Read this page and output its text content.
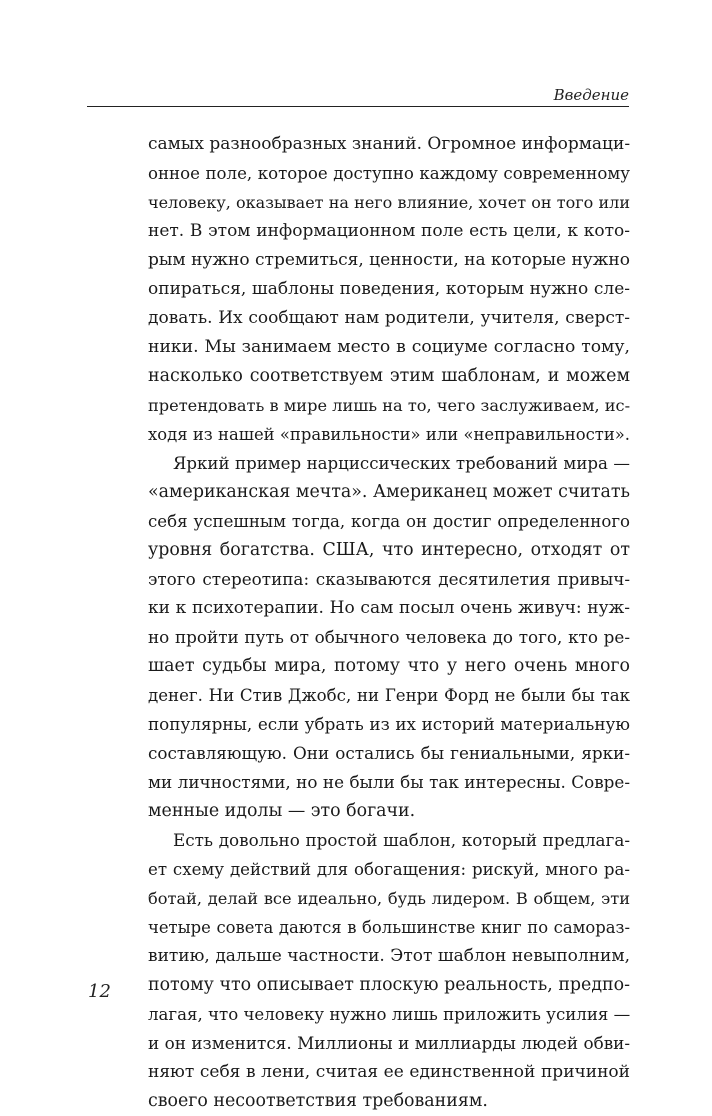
Введение

самых разнообразных знаний. Огромное информаци-
онное поле, которое доступно каждому современному
человеку, оказывает на него влияние, хочет он того или
нет. В этом информационном поле есть цели, к кото-
рым нужно стремиться, ценности, на которые нужно
опираться, шаблоны поведения, которым нужно сле-
довать. Их сообщают нам родители, учителя, сверст-
ники. Мы занимаем место в социуме согласно тому,
насколько соответствуем этим шаблонам, и можем
претендовать в мире лишь на то, чего заслуживаем, ис-
ходя из нашей «правильности» или «неправильности».

Яркий пример нарциссических требований мира —
«американская мечта». Американец может считать
себя успешным тогда, когда он достиг определенного
уровня богатства. США, что интересно, отходят от
этого стереотипа: сказываются десятилетия привыч-
ки к психотерапии. Но сам посыл очень живуч: нуж-
но пройти путь от обычного человека до того, кто ре-
шает судьбы мира, потому что у него очень много
денег. Ни Стив Джобс, ни Генри Форд не были бы так
популярны, если убрать из их историй материальную
составляющую. Они остались бы гениальными, ярки-
ми личностями, но не были бы так интересны. Совре-
менные идолы — это богачи.

Есть довольно простой шаблон, который предлага-
ет схему действий для обогащения: рискуй, много ра-
ботай, делай все идеально, будь лидером. В общем, эти
четыре совета даются в большинстве книг по самораз-
витию, дальше частности. Этот шаблон невыполним,
потому что описывает плоскую реальность, предпо-
лагая, что человеку нужно лишь приложить усилия —
и он изменится. Миллионы и миллиарды людей обви-
няют себя в лени, считая ее единственной причиной
своего несоответствия требованиям.

12
